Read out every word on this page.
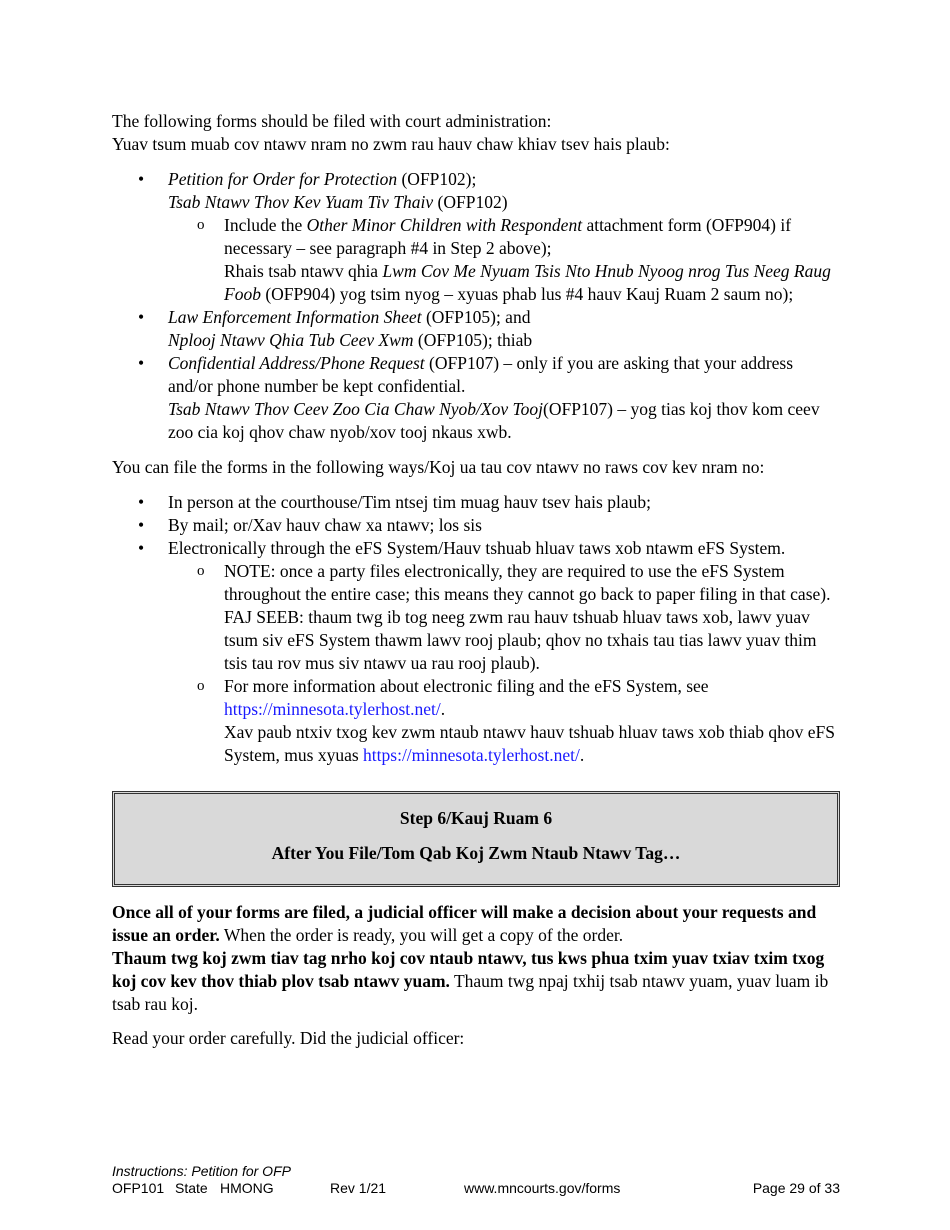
The following forms should be filed with court administration:

Yuav tsum muab cov ntawv nram no zwm rau hauv chaw khiav tsev hais plaub:

• Petition for Order for Protection (OFP102);
Tsab Ntawv Thov Kev Yuam Tiv Thaiv (OFP102)
o Include the Other Minor Children with Respondent attachment form (OFP904) if necessary – see paragraph #4 in Step 2 above);
Rhais tsab ntawv qhia Lwm Cov Me Nyuam Tsis Nto Hnub Nyoog nrog Tus Neeg Raug Foob (OFP904) yog tsim nyog – xyuas phab lus #4 hauv Kauj Ruam 2 saum no);
• Law Enforcement Information Sheet (OFP105); and
Nplooj Ntawv Qhia Tub Ceev Xwm (OFP105); thiab
• Confidential Address/Phone Request (OFP107) – only if you are asking that your address and/or phone number be kept confidential.
Tsab Ntawv Thov Ceev Zoo Cia Chaw Nyob/Xov Tooj(OFP107) – yog tias koj thov kom ceev zoo cia koj qhov chaw nyob/xov tooj nkaus xwb.

You can file the forms in the following ways/Koj ua tau cov ntawv no raws cov kev nram no:

• In person at the courthouse/Tim ntsej tim muag hauv tsev hais plaub;
• By mail; or/Xav hauv chaw xa ntawv; los sis
• Electronically through the eFS System/Hauv tshuab hluav taws xob ntawm eFS System.
o NOTE: once a party files electronically, they are required to use the eFS System throughout the entire case; this means they cannot go back to paper filing in that case).
FAJ SEEB: thaum twg ib tog neeg zwm rau hauv tshuab hluav taws xob, lawv yuav tsum siv eFS System thawm lawv rooj plaub; qhov no txhais tau tias lawv yuav thim tsis tau rov mus siv ntawv ua rau rooj plaub).
o For more information about electronic filing and the eFS System, see
https://minnesota.tylerhost.net/.
Xav paub ntxiv txog kev zwm ntaub ntawv hauv tshuab hluav taws xob thiab qhov eFS System, mus xyuas https://minnesota.tylerhost.net/.
Step 6/Kauj Ruam 6
After You File/Tom Qab Koj Zwm Ntaub Ntawv Tag…

Once all of your forms are filed, a judicial officer will make a decision about your requests and issue an order. When the order is ready, you will get a copy of the order.

Thaum twg koj zwm tiav tag nrho koj cov ntaub ntawv, tus kws phua txim yuav txiav txim txog koj cov kev thov thiab plov tsab ntawv yuam. Thaum twg npaj txhij tsab ntawv yuam, yuav luam ib tsab rau koj.

Read your order carefully. Did the judicial officer:

Instructions: Petition for OFP
OFP101 State HMONG	Rev 1/21	www.mncourts.gov/forms	Page 29 of 33
